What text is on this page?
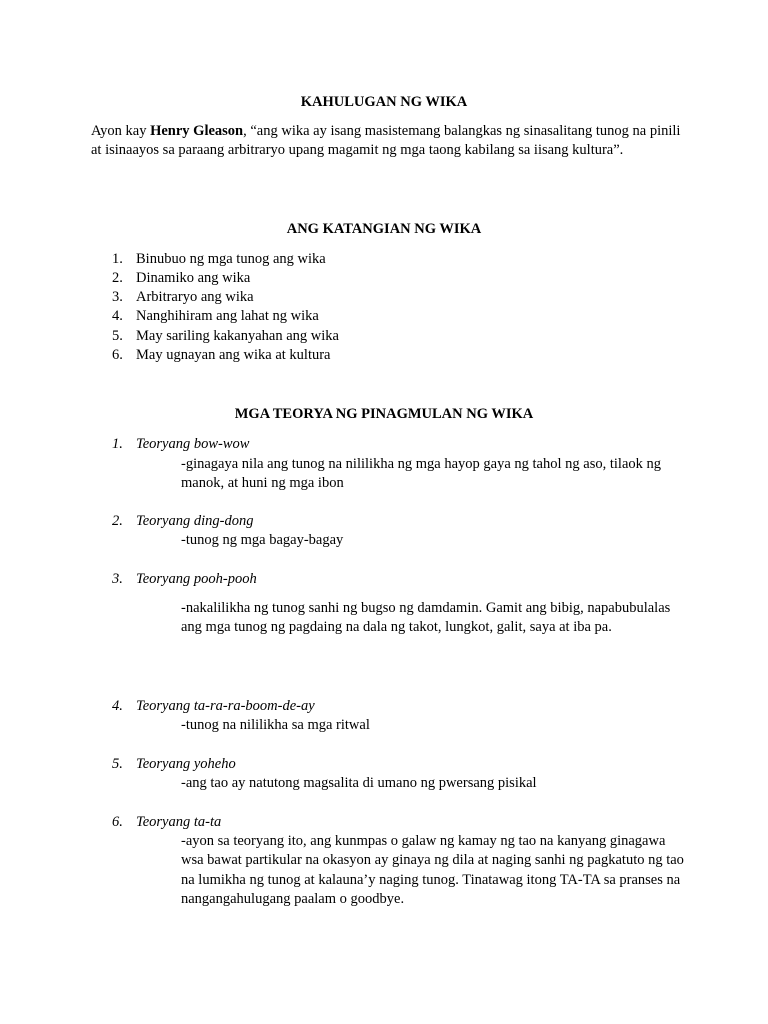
KAHULUGAN NG WIKA

Ayon kay Henry Gleason, “ang wika ay isang masistemang balangkas ng sinasalitang tunog na pinili at isinaayos sa paraang arbitraryo upang magamit ng mga taong kabilang sa iisang kultura”.

ANG KATANGIAN NG WIKA
1. Binubuo ng mga tunog ang wika
2. Dinamiko ang wika
3. Arbitraryo ang wika
4. Nanghihiram ang lahat ng wika
5. May sariling kakanyahan ang wika
6. May ugnayan ang wika at kultura
MGA TEORYA NG PINAGMULAN NG WIKA
1. Teoryang bow-wow

-ginagaya nila ang tunog na nililikha ng mga hayop gaya ng tahol ng aso, tilaok ng manok, at huni ng mga ibon

2. Teoryang ding-dong

-tunog ng mga bagay-bagay

3. Teoryang pooh-pooh

-nakalilikha ng tunog sanhi ng bugso ng damdamin. Gamit ang bibig, napabubulalas ang mga tunog ng pagdaing na dala ng takot, lungkot, galit, saya at iba pa.

4. Teoryang ta-ra-ra-boom-de-ay

-tunog na nililikha sa mga ritwal

5. Teoryang yoheho

-ang tao ay natutong magsalita di umano ng pwersang pisikal

6. Teoryang ta-ta

-ayon sa teoryang ito, ang kunmpas o galaw ng kamay ng tao na kanyang ginagawa wsa bawat partikular na okasyon ay ginaya ng dila at naging sanhi ng pagkatuto ng tao na lumikha ng tunog at kalauna’y naging tunog. Tinatawag itong TA-TA sa pranses na nangangahulugang paalam o goodbye.
